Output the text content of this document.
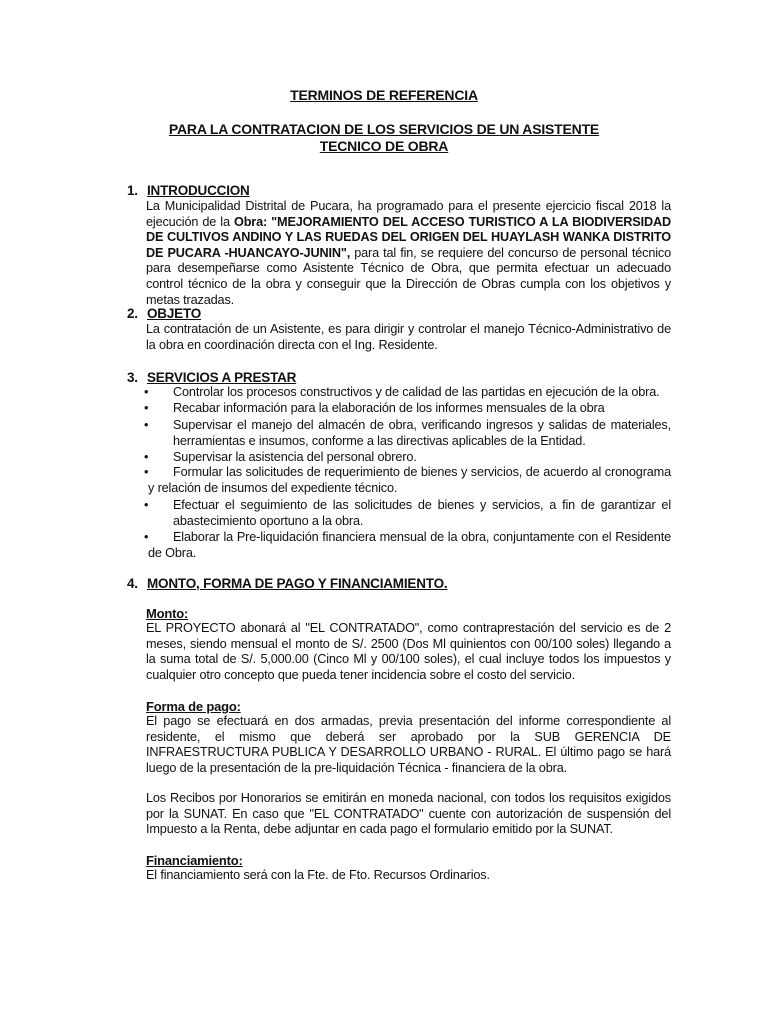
TERMINOS DE REFERENCIA
PARA LA CONTRATACION DE LOS SERVICIOS DE UN ASISTENTE
TECNICO DE OBRA
1. INTRODUCCION
La Municipalidad Distrital de Pucara, ha programado para el presente ejercicio fiscal 2018 la ejecución de la Obra: "MEJORAMIENTO DEL ACCESO TURISTICO A LA BIODIVERSIDAD DE CULTIVOS ANDINO Y LAS RUEDAS DEL ORIGEN DEL HUAYLASH WANKA DISTRITO DE PUCARA -HUANCAYO-JUNIN", para tal fin, se requiere del concurso de personal técnico para desempeñarse como Asistente Técnico de Obra, que permita efectuar un adecuado control técnico de la obra y conseguir que la Dirección de Obras cumpla con los objetivos y metas trazadas.
2. OBJETO
La contratación de un Asistente, es para dirigir y controlar el manejo Técnico-Administrativo de la obra en coordinación directa con el Ing. Residente.
3. SERVICIOS A PRESTAR
•	Controlar los procesos constructivos y de calidad de las partidas en ejecución de la obra.
•	Recabar información para la elaboración de los informes mensuales de la obra
•	Supervisar el manejo del almacén de obra, verificando ingresos y salidas de materiales, herramientas e insumos, conforme a las directivas aplicables de la Entidad.
•	Supervisar la asistencia del personal obrero.
•	Formular las solicitudes de requerimiento de bienes y servicios, de acuerdo al cronograma y relación de insumos del expediente técnico.
•	Efectuar el seguimiento de las solicitudes de bienes y servicios, a fin de garantizar el abastecimiento oportuno a la obra.
•	Elaborar la Pre-liquidación financiera mensual de la obra, conjuntamente con el Residente de Obra.
4. MONTO, FORMA DE PAGO Y FINANCIAMIENTO.
Monto:
EL PROYECTO abonará al "EL CONTRATADO", como contraprestación del servicio es de 2 meses, siendo mensual el monto de S/. 2500 (Dos Ml quinientos con 00/100 soles) llegando a la suma total de S/. 5,000.00 (Cinco Ml y 00/100 soles), el cual incluye todos los impuestos y cualquier otro concepto que pueda tener incidencia sobre el costo del servicio.
Forma de pago:
El pago se efectuará en dos armadas, previa presentación del informe correspondiente al residente, el mismo que deberá ser aprobado por la SUB GERENCIA DE INFRAESTRUCTURA PUBLICA Y DESARROLLO URBANO - RURAL. El último pago se hará luego de la presentación de la pre-liquidación Técnica - financiera de la obra.
Los Recibos por Honorarios se emitirán en moneda nacional, con todos los requisitos exigidos por la SUNAT. En caso que "EL CONTRATADO" cuente con autorización de suspensión del Impuesto a la Renta, debe adjuntar en cada pago el formulario emitido por la SUNAT.
Financiamiento:
El financiamiento será con la Fte. de Fto. Recursos Ordinarios.
